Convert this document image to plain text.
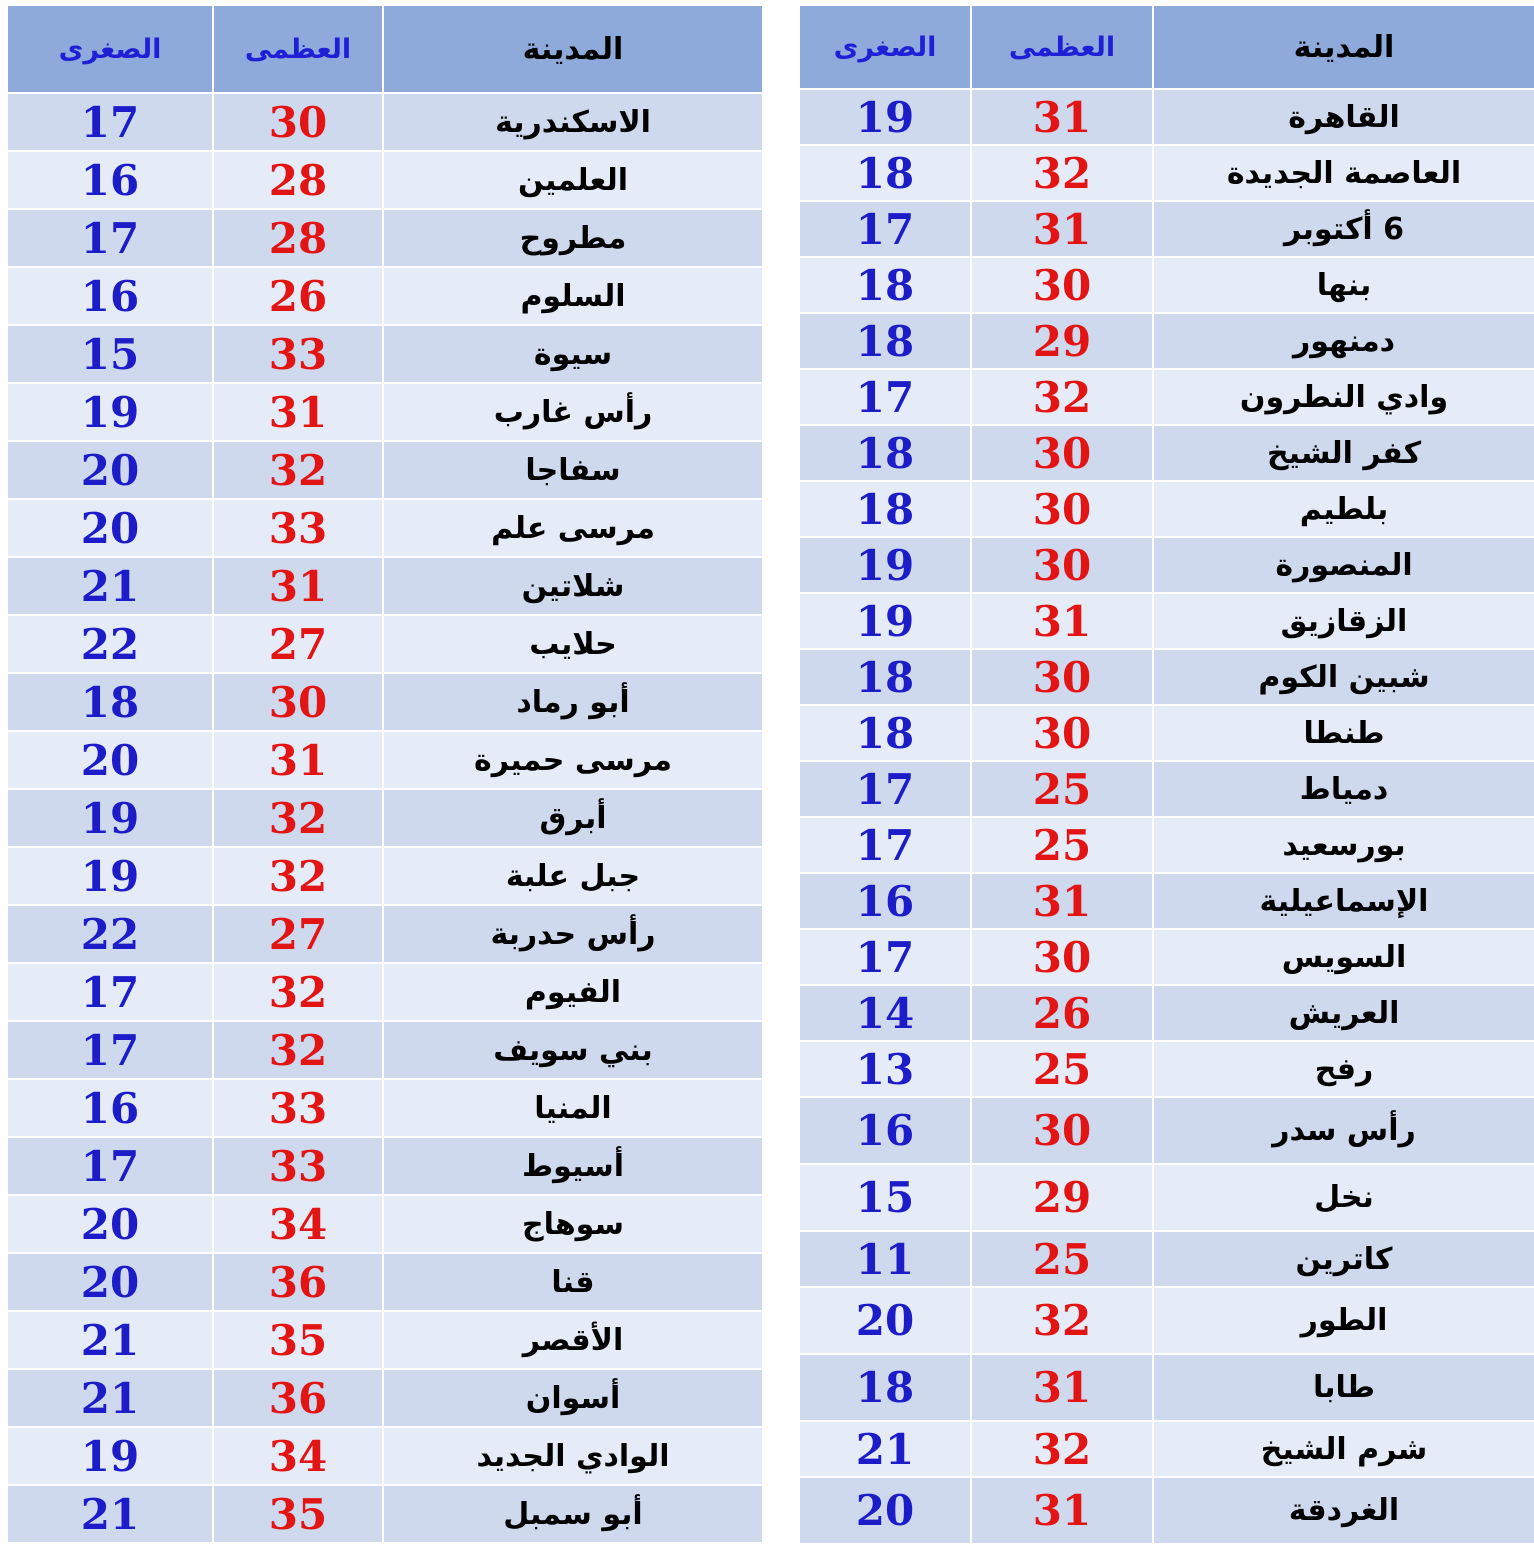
الصغرى	العظمى	المدينة
17	30	الاسكندرية
16	28	العلمين
17	28	مطروح
16	26	السلوم
15	33	سيوة
19	31	رأس غارب
20	32	سفاجا
20	33	مرسى علم
21	31	شلاتين
22	27	حلايب
18	30	أبو رماد
20	31	مرسى حميرة
19	32	أبرق
19	32	جبل علبة
22	27	رأس حدربة
17	32	الفيوم
17	32	بني سويف
16	33	المنيا
17	33	أسيوط
20	34	سوهاج
20	36	قنا
21	35	الأقصر
21	36	أسوان
19	34	الوادي الجديد
21	35	أبو سمبل
الصغرى	العظمى	المدينة
19	31	القاهرة
18	32	العاصمة الجديدة
17	31	6 أكتوبر
18	30	بنها
18	29	دمنهور
17	32	وادي النطرون
18	30	كفر الشيخ
18	30	بلطيم
19	30	المنصورة
19	31	الزقازيق
18	30	شبين الكوم
18	30	طنطا
17	25	دمياط
17	25	بورسعيد
16	31	الإسماعيلية
17	30	السويس
14	26	العريش
13	25	رفح
16	30	رأس سدر
15	29	نخل
11	25	كاترين
20	32	الطور
18	31	طابا
21	32	شرم الشيخ
20	31	الغردقة
